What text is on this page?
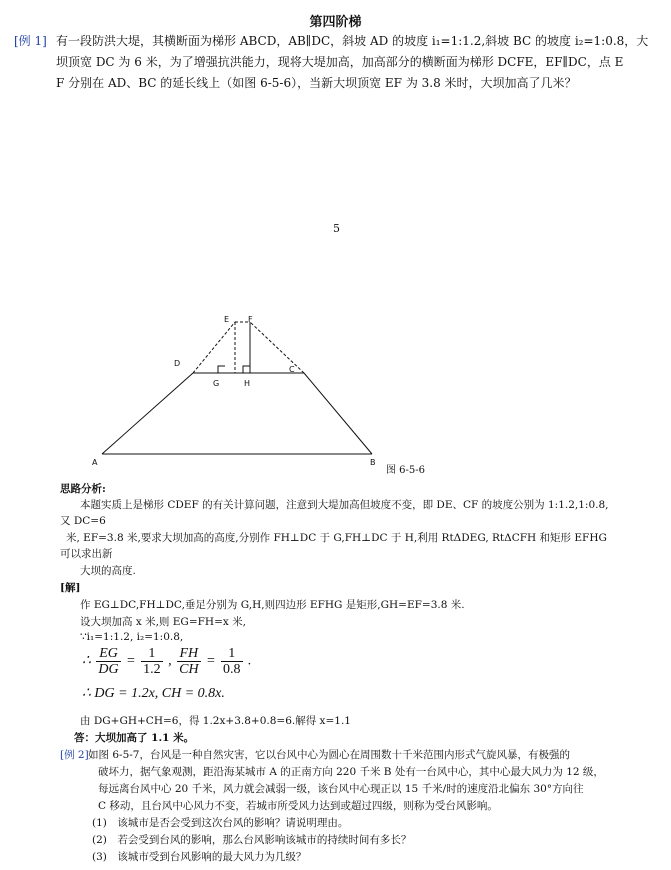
第四阶梯
[例 1] 有一段防洪大堤，其横断面为梯形 ABCD，AB∥DC，斜坡 AD 的坡度 i₁=1:1.2,斜坡 BC 的坡度 i₂=1:0.8，大
坝顶宽 DC 为 6 米，为了增强抗洪能力，现将大堤加高，加高部分的横断面为梯形 DCFE，EF∥DC，点 E
F 分别在 AD、BC 的延长线上（如图 6-5-6），当新大坝顶宽 EF 为 3.8 米时，大坝加高了几米？
5
A	B
C
D
E F
G	H
图 6-5-6
思路分析:
本题实质上是梯形 CDEF 的有关计算问题，注意到大堤加高但坡度不变，即 DE、CF 的坡度公别为 1:1.2,1:0.8,
又 DC=6
米, EF=3.8 米,要求大坝加高的高度,分别作 FH⊥DC 于 G,FH⊥DC 于 H,利用 RtΔDEG, RtΔCFH 和矩形 EFHG
可以求出新
大坝的高度.
[解]
作 EG⊥DC,FH⊥DC,垂足分别为 G,H,则四边形 EFHG 是矩形,GH=EF=3.8 米.
设大坝加高 x 米,则 EG=FH=x 米,
∵i₁=1:1.2, i₂=1:0.8,
∴ $\frac{EG}{DG} = \frac{1}{1.2}$ , $\frac{FH}{CH} = \frac{1}{0.8}$ .
∴ DG = 1.2x, CH = 0.8x.
由 DG+GH+CH=6，得 1.2x+3.8+0.8=6.解得 x=1.1
答：大坝加高了 1.1 米。
[例 2] 如图 6-5-7，台风是一种自然灾害，它以台风中心为圆心在周围数十千米范围内形式气旋风暴，有极强的
破坏力，据气象观测，距沿海某城市 A 的正南方向 220 千米 B 处有一台风中心，其中心最大风力为 12 级，
每远离台风中心 20 千米，风力就会减弱一级，该台风中心现正以 15 千米/时的速度沿北偏东 30°方向往
C 移动，且台风中心风力不变，若城市所受风力达到或超过四级，则称为受台风影响。
(1)　该城市是否会受到这次台风的影响？请说明理由。
(2)　若会受到台风的影响，那么台风影响该城市的持续时间有多长？
(3)　该城市受到台风影响的最大风力为几级？
